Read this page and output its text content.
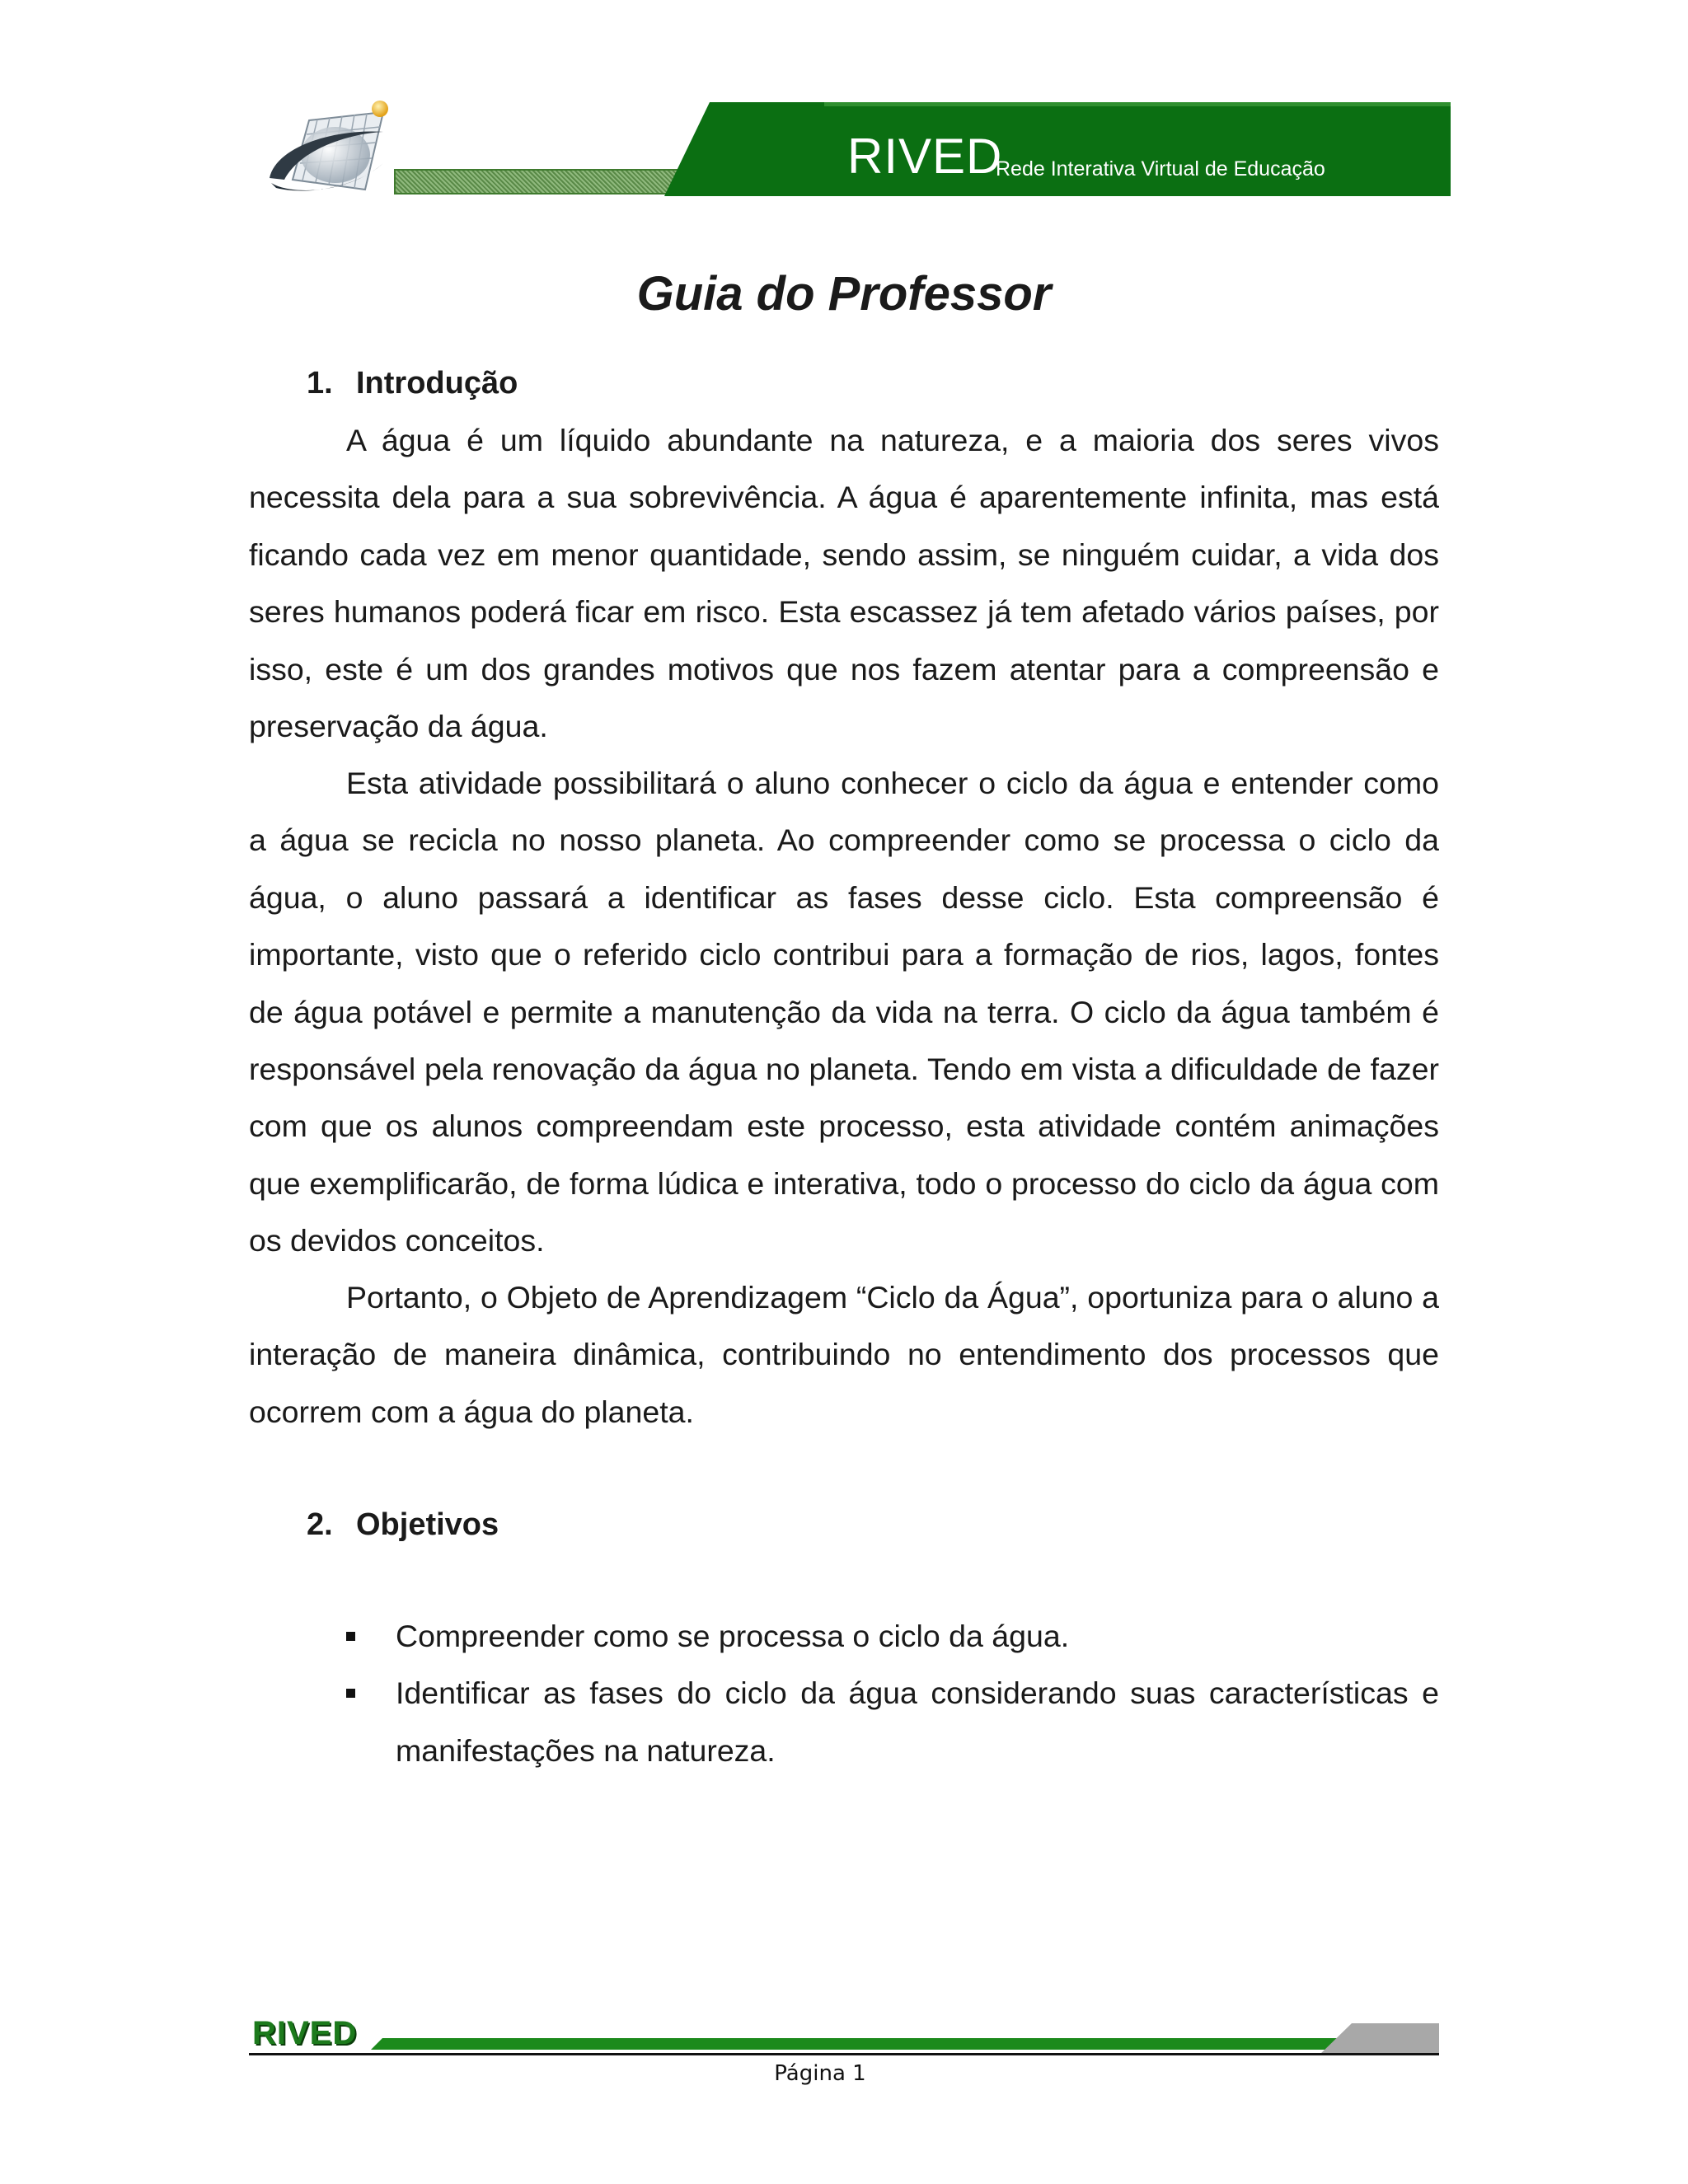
RIVED
Rede Interativa Virtual de Educação
Guia do Professor
1. Introdução

A água é um líquido abundante na natureza, e a maioria dos seres vivos necessita dela para a sua sobrevivência. A água é aparentemente infinita, mas está ficando cada vez em menor quantidade, sendo assim, se ninguém cuidar, a vida dos seres humanos poderá ficar em risco. Esta escassez já tem afetado vários países, por isso, este é um dos grandes motivos que nos fazem atentar para a compreensão e preservação da água.

Esta atividade possibilitará o aluno conhecer o ciclo da água e entender como a água se recicla no nosso planeta. Ao compreender como se processa o ciclo da água, o aluno passará a identificar as fases desse ciclo. Esta compreensão é importante, visto que o referido ciclo contribui para a formação de rios, lagos, fontes de água potável e permite a manutenção da vida na terra. O ciclo da água também é responsável pela renovação da água no planeta. Tendo em vista a dificuldade de fazer com que os alunos compreendam este processo, esta atividade contém animações que exemplificarão, de forma lúdica e interativa, todo o processo do ciclo da água com os devidos conceitos.

Portanto, o Objeto de Aprendizagem “Ciclo da Água”, oportuniza para o aluno a interação de maneira dinâmica, contribuindo no entendimento dos processos que ocorrem com a água do planeta.

2. Objetivos
Compreender como se processa o ciclo da água.
Identificar as fases do ciclo da água considerando suas características e manifestações na natureza.
RIVED
Página 1
